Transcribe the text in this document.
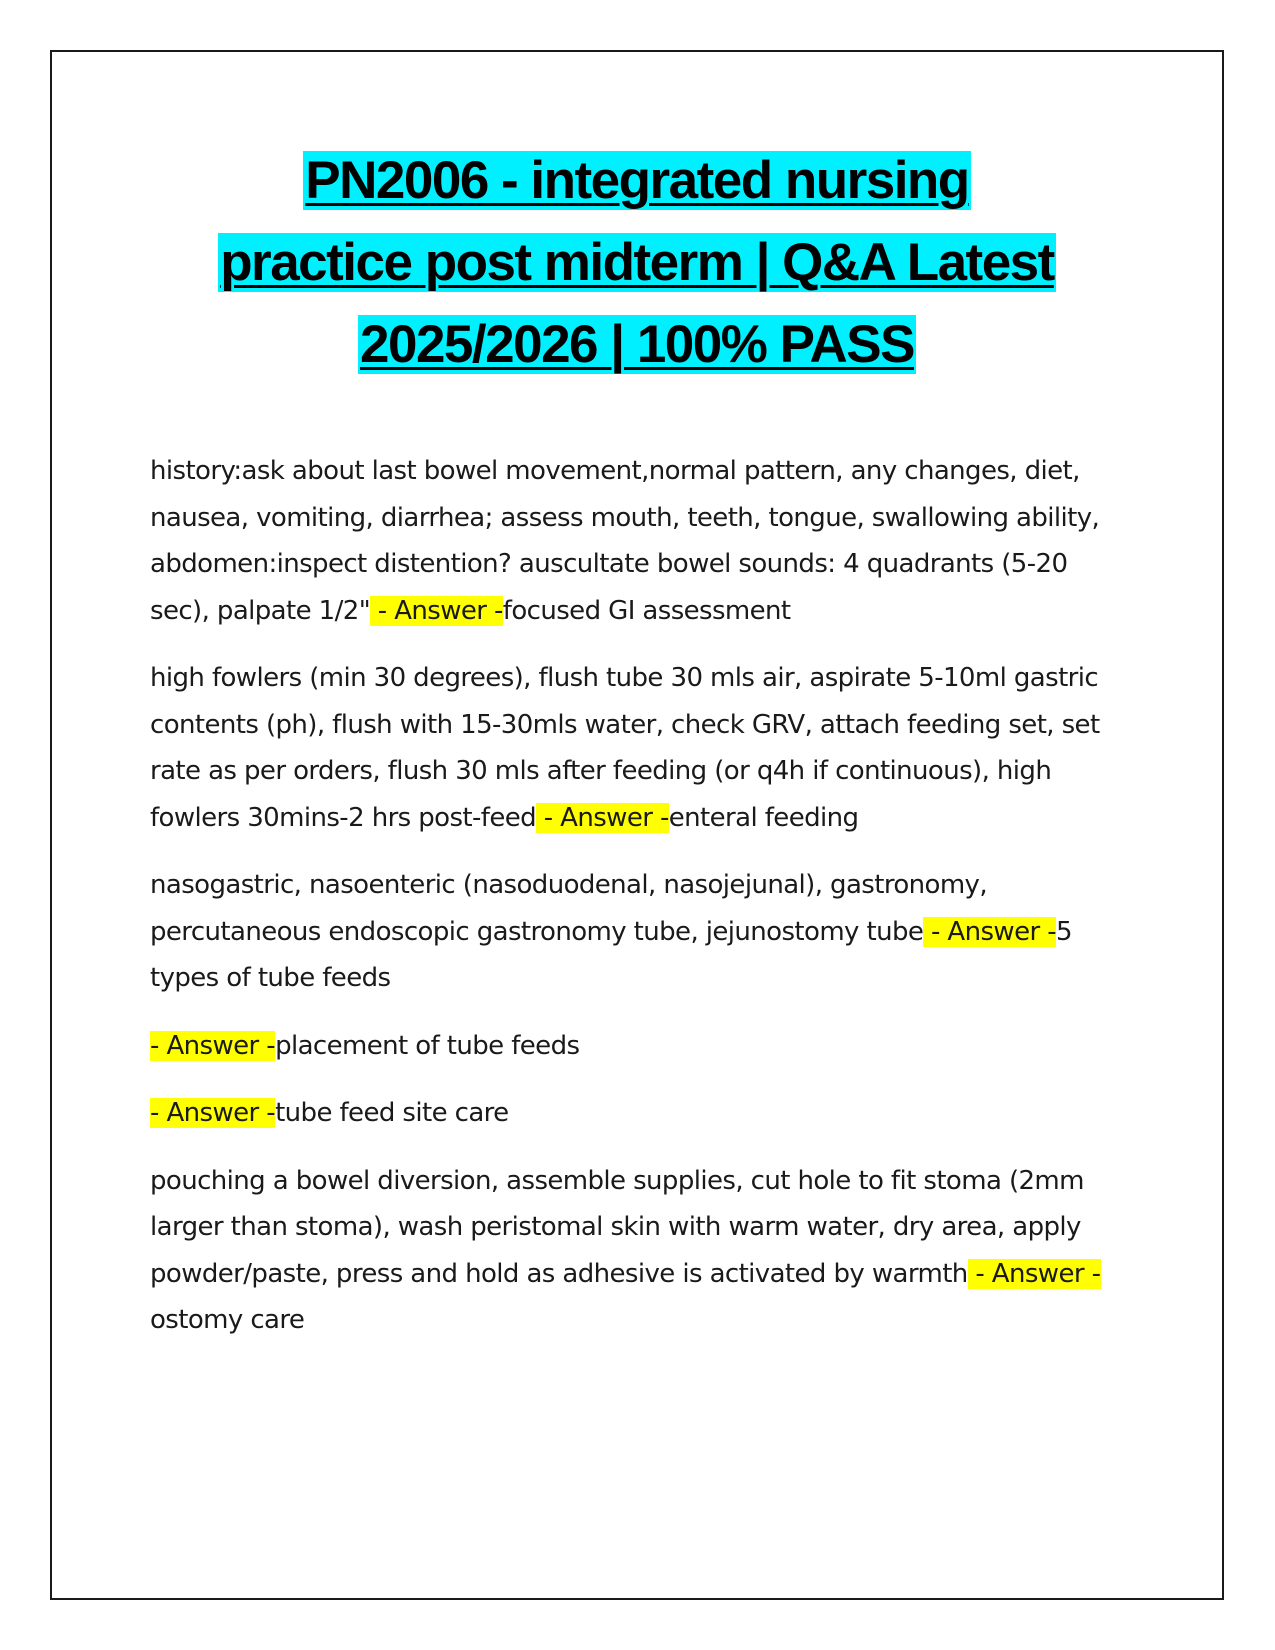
PN2006 - integrated nursing
practice post midterm | Q&A Latest
2025/2026 | 100% PASS

history:ask about last bowel movement,normal pattern, any changes, diet, nausea, vomiting, diarrhea; assess mouth, teeth, tongue, swallowing ability, abdomen:inspect distention? auscultate bowel sounds: 4 quadrants (5-20 sec), palpate 1/2" - Answer -focused GI assessment

high fowlers (min 30 degrees), flush tube 30 mls air, aspirate 5-10ml gastric contents (ph), flush with 15-30mls water, check GRV, attach feeding set, set rate as per orders, flush 30 mls after feeding (or q4h if continuous), high fowlers 30mins-2 hrs post-feed - Answer -enteral feeding

nasogastric, nasoenteric (nasoduodenal, nasojejunal), gastronomy, percutaneous endoscopic gastronomy tube, jejunostomy tube - Answer -5 types of tube feeds

- Answer -placement of tube feeds

- Answer -tube feed site care

pouching a bowel diversion, assemble supplies, cut hole to fit stoma (2mm larger than stoma), wash peristomal skin with warm water, dry area, apply powder/paste, press and hold as adhesive is activated by warmth - Answer -ostomy care
